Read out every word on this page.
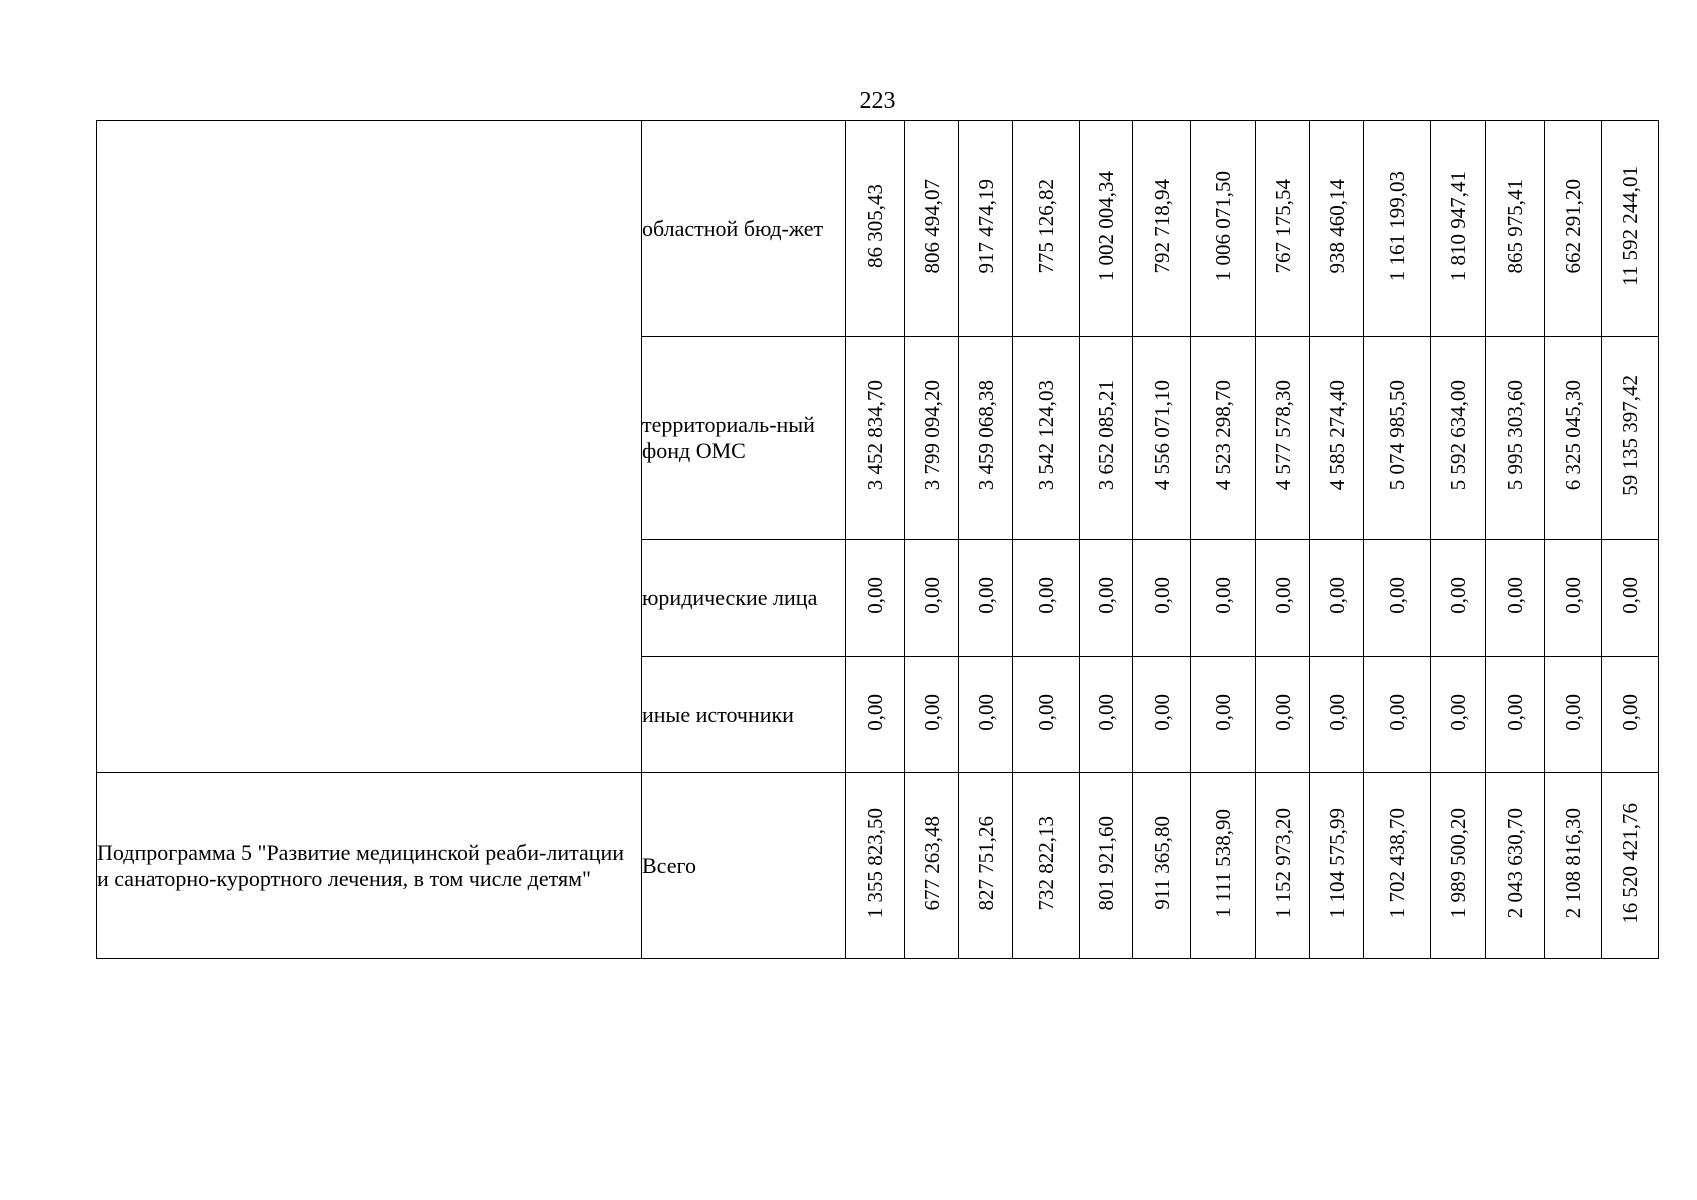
223
	областной бюд-жет	86 305,43	806 494,07	917 474,19	775 126,82	1 002 004,34	792 718,94	1 006 071,50	767 175,54	938 460,14	1 161 199,03	1 810 947,41	865 975,41	662 291,20	11 592 244,01
	территориаль-ный фонд ОМС	3 452 834,70	3 799 094,20	3 459 068,38	3 542 124,03	3 652 085,21	4 556 071,10	4 523 298,70	4 577 578,30	4 585 274,40	5 074 985,50	5 592 634,00	5 995 303,60	6 325 045,30	59 135 397,42
	юридические лица	0,00	0,00	0,00	0,00	0,00	0,00	0,00	0,00	0,00	0,00	0,00	0,00	0,00	0,00
	иные источники	0,00	0,00	0,00	0,00	0,00	0,00	0,00	0,00	0,00	0,00	0,00	0,00	0,00	0,00
Подпрограмма 5 "Развитие медицинской реаби-литации и санаторно-курортного лечения, в том числе детям"	Всего	1 355 823,50	677 263,48	827 751,26	732 822,13	801 921,60	911 365,80	1 111 538,90	1 152 973,20	1 104 575,99	1 702 438,70	1 989 500,20	2 043 630,70	2 108 816,30	16 520 421,76
